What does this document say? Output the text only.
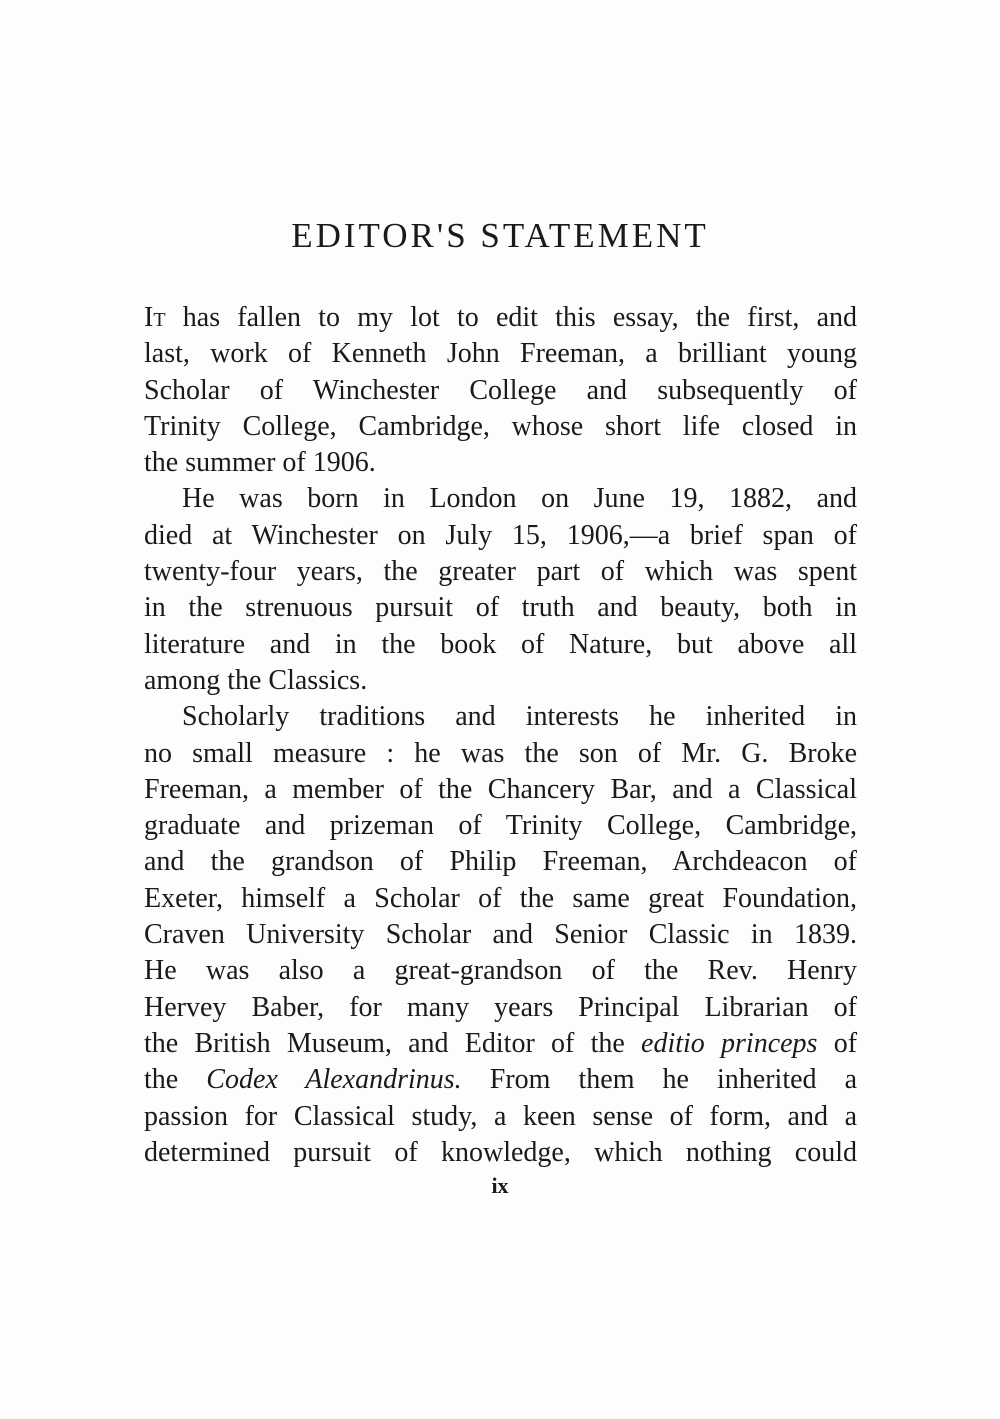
EDITOR'S STATEMENT
It has fallen to my lot to edit this essay, the first, and
last, work of Kenneth John Freeman, a brilliant young
Scholar of Winchester College and subsequently of
Trinity College, Cambridge, whose short life closed in
the summer of 1906.
He was born in London on June 19, 1882, and
died at Winchester on July 15, 1906,—a brief span of
twenty-four years, the greater part of which was spent
in the strenuous pursuit of truth and beauty, both in
literature and in the book of Nature, but above all
among the Classics.
Scholarly traditions and interests he inherited in
no small measure : he was the son of Mr. G. Broke
Freeman, a member of the Chancery Bar, and a Classical
graduate and prizeman of Trinity College, Cambridge,
and the grandson of Philip Freeman, Archdeacon of
Exeter, himself a Scholar of the same great Foundation,
Craven University Scholar and Senior Classic in 1839.
He was also a great-grandson of the Rev. Henry
Hervey Baber, for many years Principal Librarian of
the British Museum, and Editor of the editio princeps of
the Codex Alexandrinus. From them he inherited a
passion for Classical study, a keen sense of form, and a
determined pursuit of knowledge, which nothing could
ix
